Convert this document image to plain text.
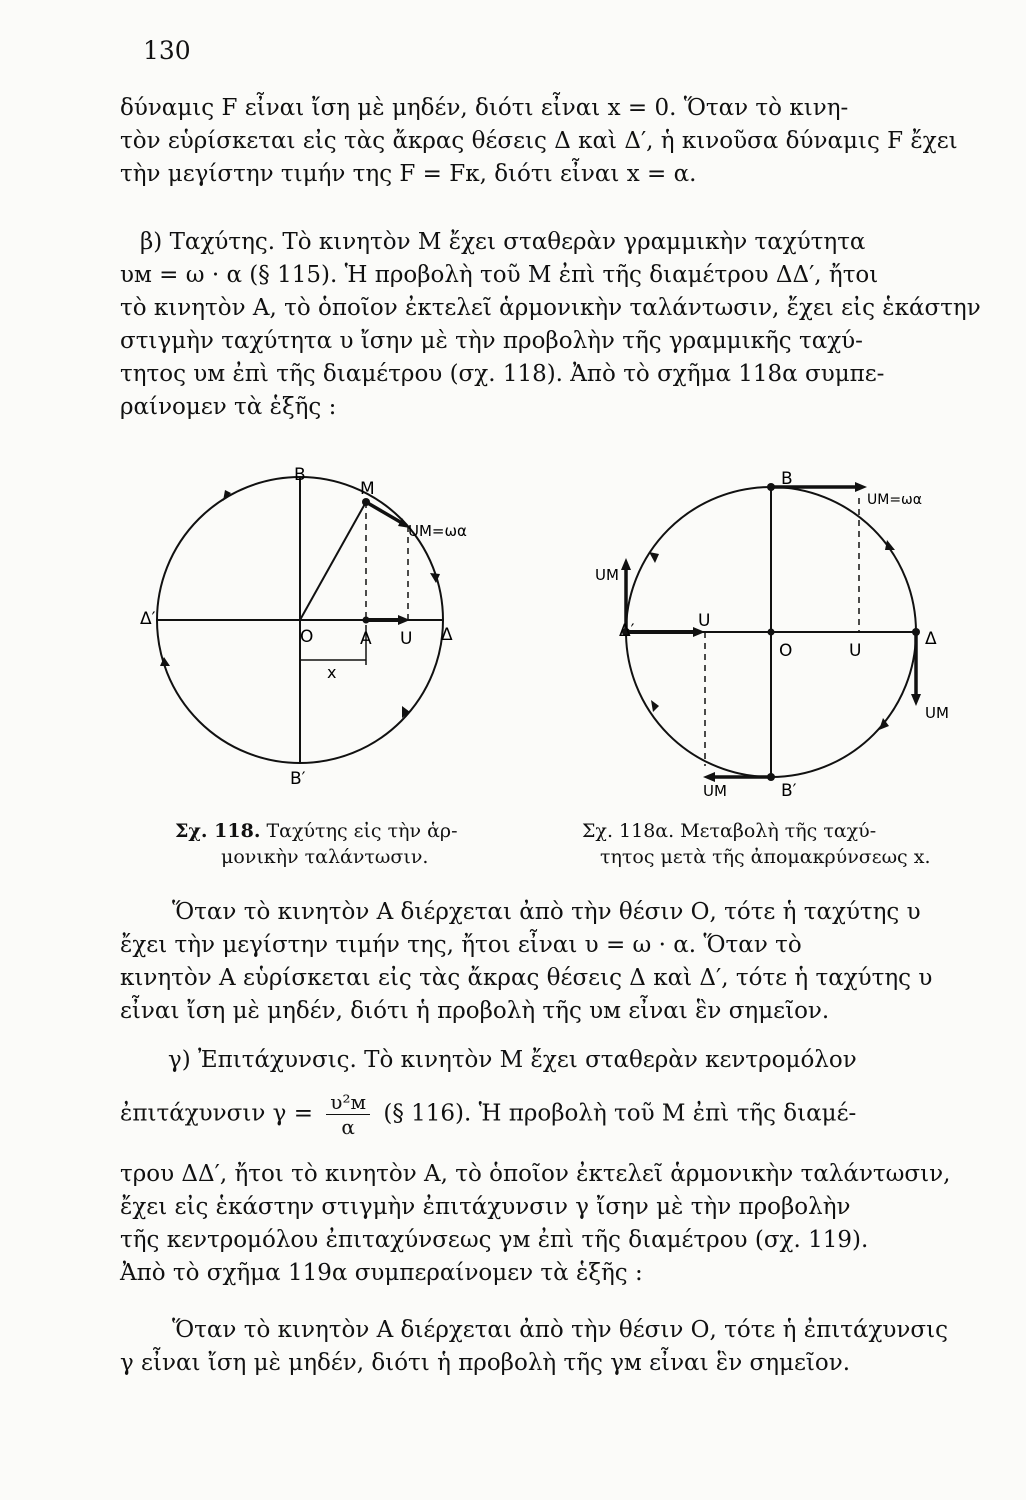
130
δύναμις F εἶναι ἴση μὲ μηδέν, διότι εἶναι x = 0. Ὅταν τὸ κινη-
τὸν εὑρίσκεται εἰς τὰς ἄκρας θέσεις Δ καὶ Δ′, ἡ κινοῦσα δύναμις F ἔχει
τὴν μεγίστην τιμήν της F = Fκ, διότι εἶναι x = α.
β) Ταχύτης. Τὸ κινητὸν Μ ἔχει σταθερὰν γραμμικὴν ταχύτητα
υм = ω · α (§ 115). Ἡ προβολὴ τοῦ Μ ἐπὶ τῆς διαμέτρου ΔΔ′, ἤτοι
τὸ κινητὸν Α, τὸ ὁποῖον ἐκτελεῖ ἁρμονικὴν ταλάντωσιν, ἔχει εἰς ἑκάστην
στιγμὴν ταχύτητα υ ἴσην μὲ τὴν προβολὴν τῆς γραμμικῆς ταχύ-
τητος υм ἐπὶ τῆς διαμέτρου (σχ. 118). Ἀπὸ τὸ σχῆμα 118α συμπε-
ραίνομεν τὰ ἑξῆς :
B
M
UM=ωα
Δ′
Δ
O	A U
x
B′
B
UM=ωα
UM
Δ′	U
O	U
Δ
UM
UM	B′
Σχ. 118. Ταχύτης εἰς τὴν ἁρ-
μονικὴν ταλάντωσιν.
Σχ. 118α. Μεταβολὴ τῆς ταχύ-
τητος μετὰ τῆς ἀπομακρύνσεως x.
Ὅταν τὸ κινητὸν Α διέρχεται ἀπὸ τὴν θέσιν Ο, τότε ἡ ταχύτης υ
ἔχει τὴν μεγίστην τιμήν της, ἤτοι εἶναι υ = ω · α. Ὅταν τὸ
κινητὸν Α εὑρίσκεται εἰς τὰς ἄκρας θέσεις Δ καὶ Δ′, τότε ἡ ταχύτης υ
εἶναι ἴση μὲ μηδέν, διότι ἡ προβολὴ τῆς υм εἶναι ἓν σημεῖον.
γ) Ἐπιτάχυνσις. Τὸ κινητὸν Μ ἔχει σταθερὰν κεντρομόλον
ἐπιτάχυνσιν $\gamma = \frac{\text{υ²м}}{\alpha}$ (§ 116). Ἡ προβολὴ τοῦ Μ ἐπὶ τῆς διαμέ-
τρου ΔΔ′, ἤτοι τὸ κινητὸν Α, τὸ ὁποῖον ἐκτελεῖ ἁρμονικὴν ταλάντωσιν,
ἔχει εἰς ἑκάστην στιγμὴν ἐπιτάχυνσιν γ ἴσην μὲ τὴν προβολὴν
τῆς κεντρομόλου ἐπιταχύνσεως γм ἐπὶ τῆς διαμέτρου (σχ. 119).
Ἀπὸ τὸ σχῆμα 119α συμπεραίνομεν τὰ ἑξῆς :
Ὅταν τὸ κινητὸν Α διέρχεται ἀπὸ τὴν θέσιν Ο, τότε ἡ ἐπιτάχυνσις
γ εἶναι ἴση μὲ μηδέν, διότι ἡ προβολὴ τῆς γм εἶναι ἓν σημεῖον.
